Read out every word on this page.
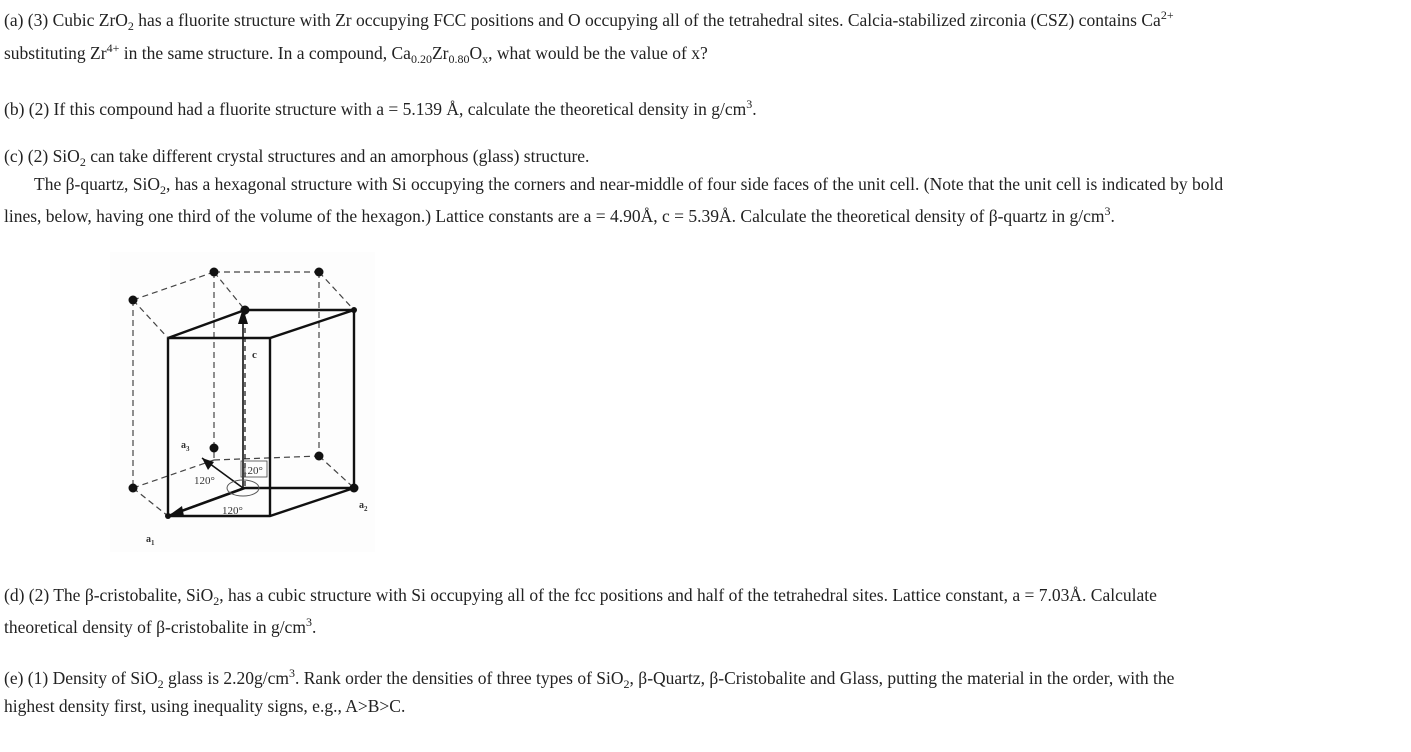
(a) (3) Cubic ZrO$_2$ has a fluorite structure with Zr occupying FCC positions and O occupying all of the tetrahedral sites. Calcia-stabilized zirconia (CSZ) contains $Ca^{2+}$
substituting $Zr^{4+}$ in the same structure. In a compound, $Ca_{0.20}Zr_{0.80}O_x$, what would be the value of x?
(b) (2) If this compound had a fluorite structure with a = 5.139 Å, calculate the theoretical density in $g/cm^3$.
(c) (2) SiO$_2$ can take different crystal structures and an amorphous (glass) structure.
The β-quartz, SiO$_2$, has a hexagonal structure with Si occupying the corners and near-middle of four side faces of the unit cell. (Note that the unit cell is indicated by bold
lines, below, having one third of the volume of the hexagon.) Lattice constants are a = 4.90Å, c = 5.39Å. Calculate the theoretical density of β-quartz in $g/cm^3$.
c
$a_3$
$a_1$
$a_2$
120°
120°
120°
(d) (2) The β-cristobalite, SiO$_2$, has a cubic structure with Si occupying all of the fcc positions and half of the tetrahedral sites. Lattice constant, a = 7.03Å. Calculate
theoretical density of β-cristobalite in $g/cm^3$.
(e) (1) Density of SiO$_2$ glass is $2.20g/cm^3$. Rank order the densities of three types of SiO$_2$, β-Quartz, β-Cristobalite and Glass, putting the material in the order, with the
highest density first, using inequality signs, e.g., A>B>C.
